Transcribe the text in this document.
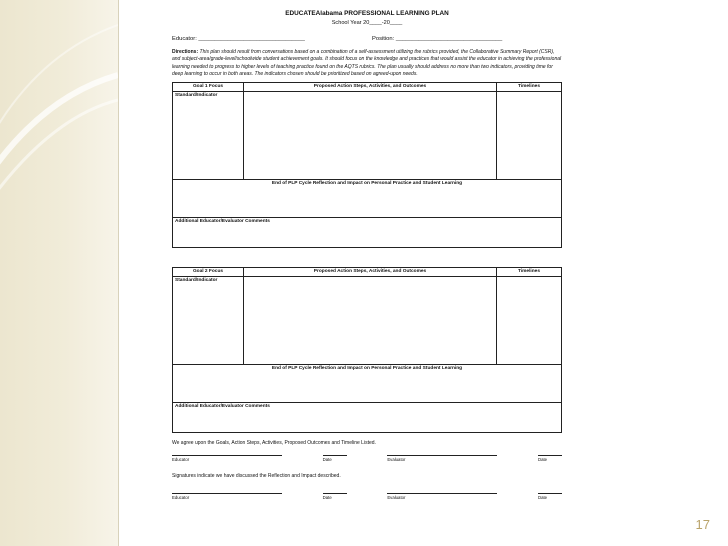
EDUCATEAlabama PROFESSIONAL LEARNING PLAN
School Year 20____-20____
Educator: _________________________________	Position: _________________________________
Directions: This plan should result from conversations based on a combination of a self-assessment utilizing the rubrics provided, the Collaborative Summary Report (CSR), and subject-area/grade-level/schoolwide student achievement goals. It should focus on the knowledge and practices that would assist the educator in achieving the professional learning needed to progress to higher levels of teaching practice found on the AQTS rubrics. The plan usually should address no more than two indicators, providing time for deep learning to occur in both areas. The indicators chosen should be prioritized based on agreed-upon needs.
Goal 1 Focus	Proposed Action Steps, Activities, and Outcomes	Timelines
Standard/Indicator		
End of PLP Cycle Reflection and Impact on Personal Practice and Student Learning		
Additional Educator/Evaluator Comments		
Goal 2 Focus	Proposed Action Steps, Activities, and Outcomes	Timelines
Standard/Indicator		
End of PLP Cycle Reflection and Impact on Personal Practice and Student Learning		
Additional Educator/Evaluator Comments		
We agree upon the Goals, Action Steps, Activities, Proposed Outcomes and Timeline Listed.
Educator	Date	Evaluator	Date
Signatures indicate we have discussed the Reflection and Impact described.
Educator	Date	Evaluator	Date
17
